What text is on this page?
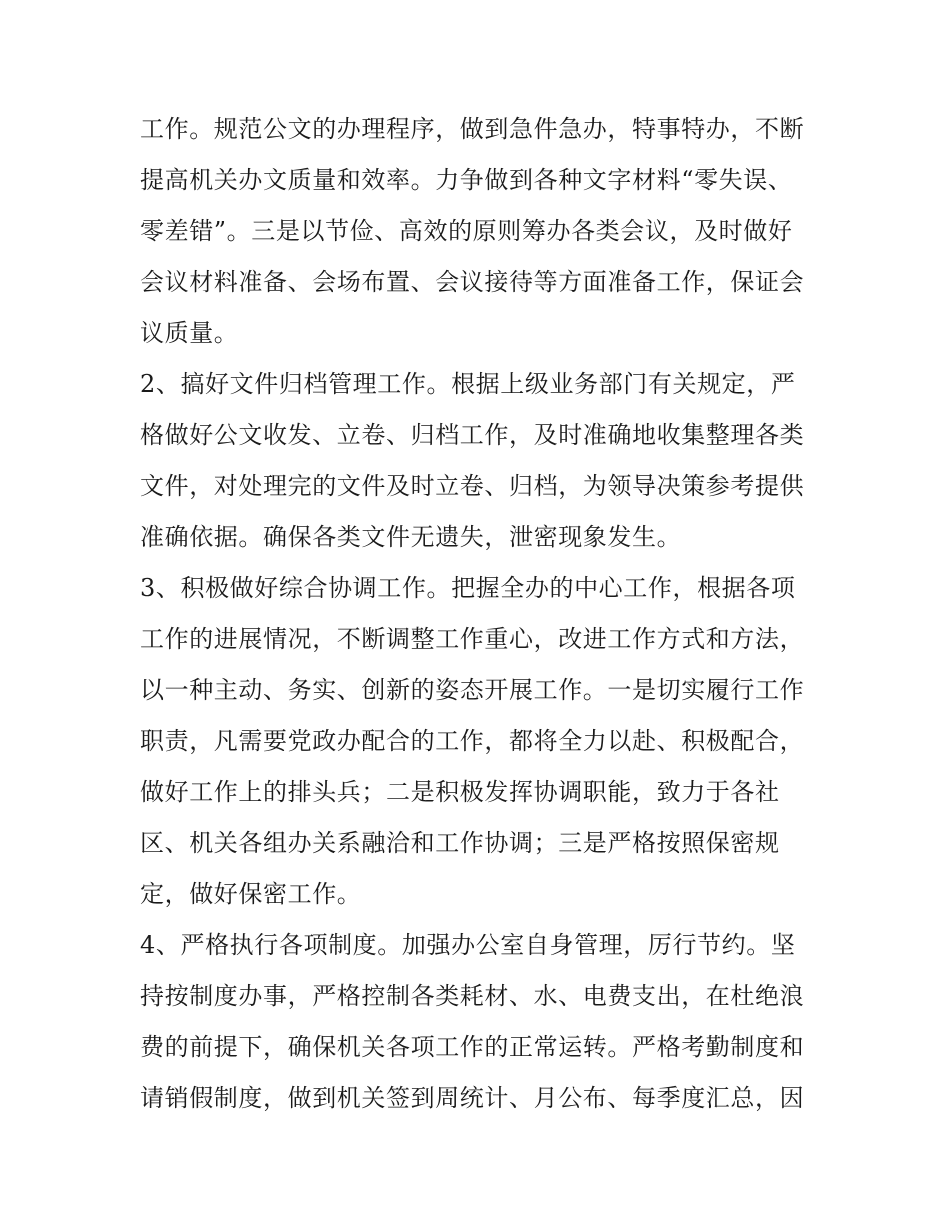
工作。规范公文的办理程序，做到急件急办，特事特办，不断
提高机关办文质量和效率。力争做到各种文字材料“零失误、
零差错”。三是以节俭、高效的原则筹办各类会议，及时做好
会议材料准备、会场布置、会议接待等方面准备工作，保证会
议质量。

2、搞好文件归档管理工作。根据上级业务部门有关规定，严
格做好公文收发、立卷、归档工作，及时准确地收集整理各类
文件，对处理完的文件及时立卷、归档，为领导决策参考提供
准确依据。确保各类文件无遗失，泄密现象发生。

3、积极做好综合协调工作。把握全办的中心工作，根据各项
工作的进展情况，不断调整工作重心，改进工作方式和方法，
以一种主动、务实、创新的姿态开展工作。一是切实履行工作
职责，凡需要党政办配合的工作，都将全力以赴、积极配合，
做好工作上的排头兵；二是积极发挥协调职能，致力于各社
区、机关各组办关系融洽和工作协调；三是严格按照保密规
定，做好保密工作。

4、严格执行各项制度。加强办公室自身管理，厉行节约。坚
持按制度办事，严格控制各类耗材、水、电费支出，在杜绝浪
费的前提下，确保机关各项工作的正常运转。严格考勤制度和
请销假制度，做到机关签到周统计、月公布、每季度汇总，因
